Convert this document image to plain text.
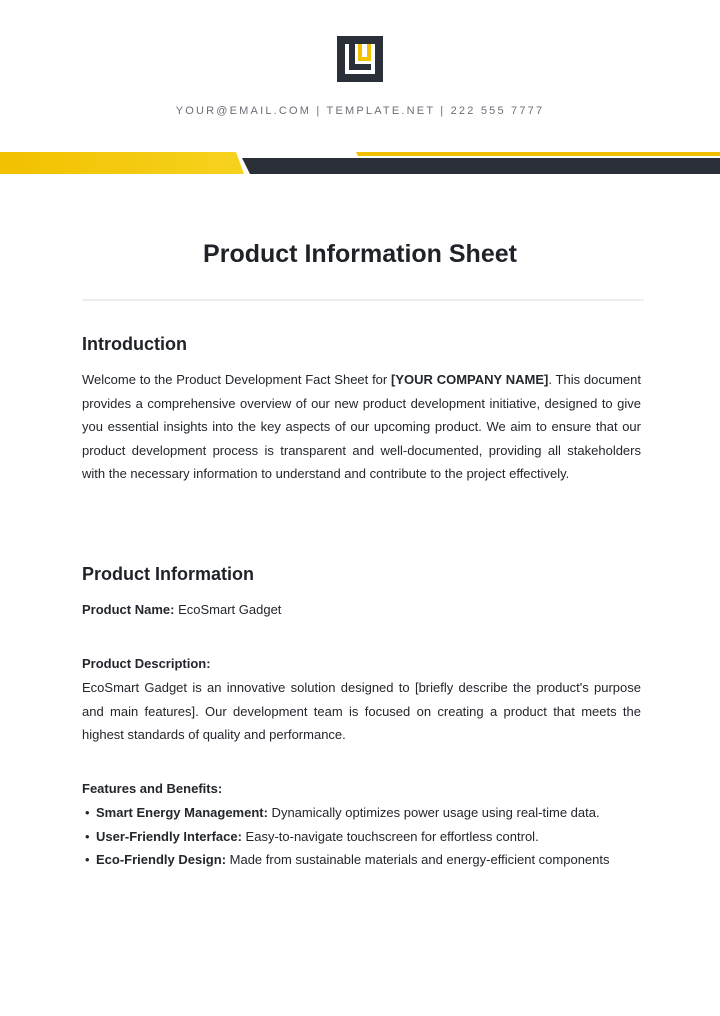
YOUR@EMAIL.COM | TEMPLATE.NET | 222 555 7777
Product Information Sheet
Introduction

Welcome to the Product Development Fact Sheet for [YOUR COMPANY NAME]. This document provides a comprehensive overview of our new product development initiative, designed to give you essential insights into the key aspects of our upcoming product. We aim to ensure that our product development process is transparent and well-documented, providing all stakeholders with the necessary information to understand and contribute to the project effectively.

Product Information

Product Name: EcoSmart Gadget

Product Description:

EcoSmart Gadget is an innovative solution designed to [briefly describe the product's purpose and main features]. Our development team is focused on creating a product that meets the highest standards of quality and performance.

Features and Benefits:

• Smart Energy Management: Dynamically optimizes power usage using real-time data.
• User-Friendly Interface: Easy-to-navigate touchscreen for effortless control.
• Eco-Friendly Design: Made from sustainable materials and energy-efficient components
